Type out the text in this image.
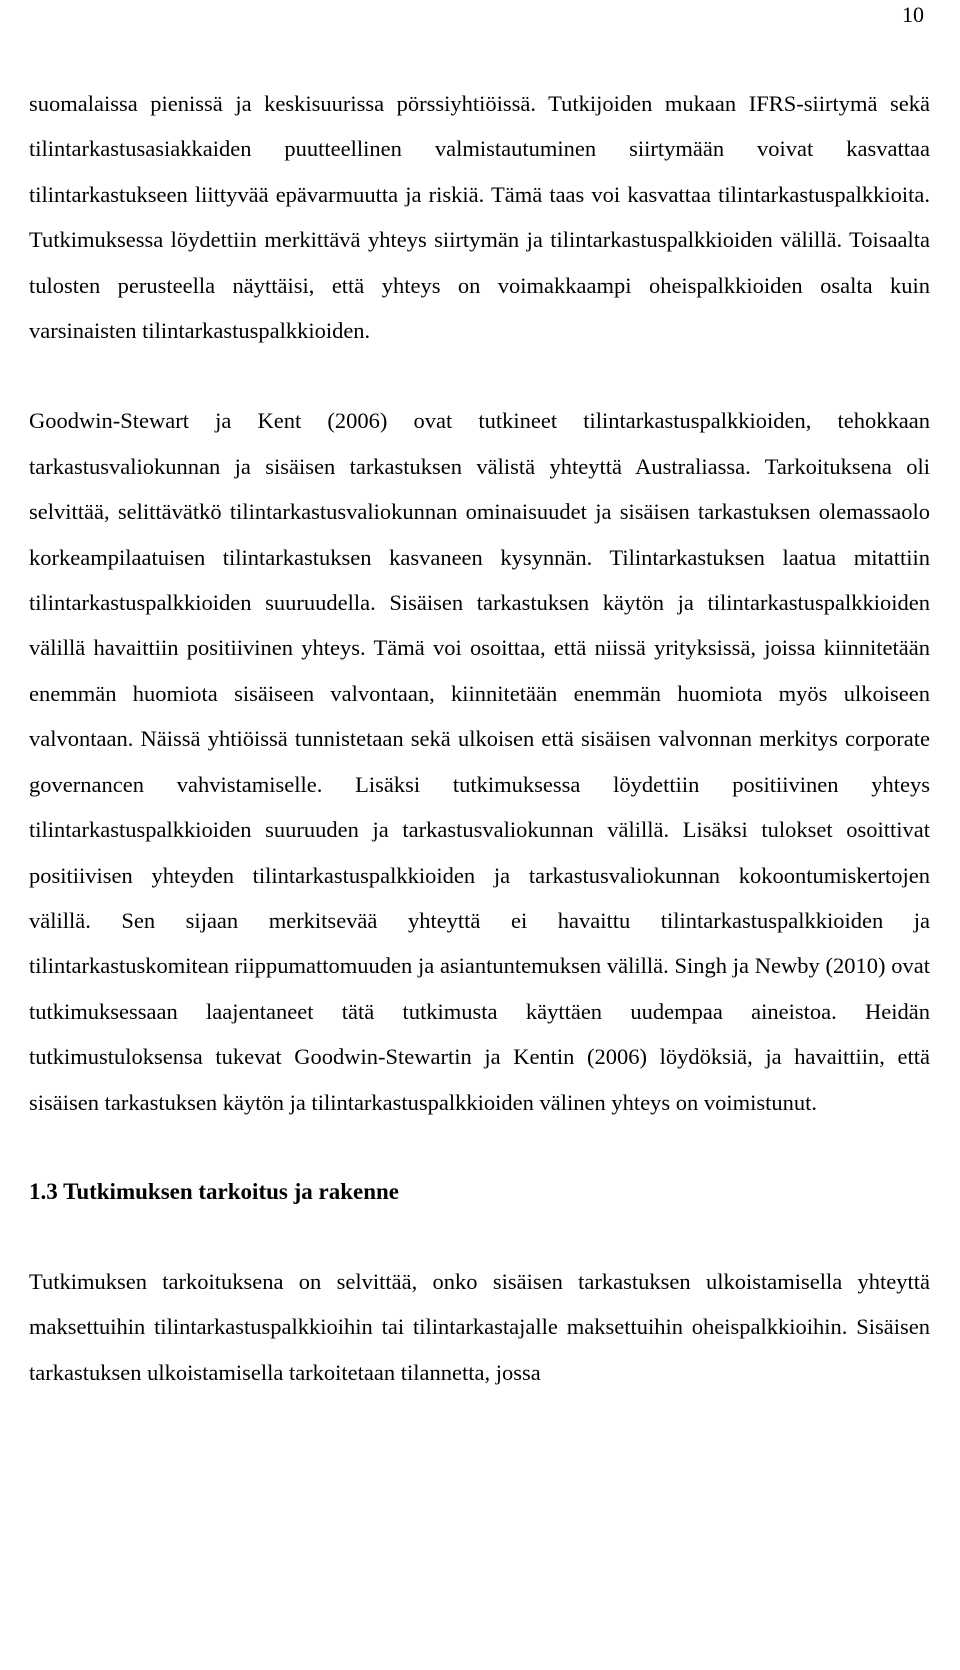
10

suomalaissa pienissä ja keskisuurissa pörssiyhtiöissä. Tutkijoiden mukaan IFRS-siirtymä sekä tilintarkastusasiakkaiden puutteellinen valmistautuminen siirtymään voivat kasvattaa tilintarkastukseen liittyvää epävarmuutta ja riskiä. Tämä taas voi kasvattaa tilintarkastuspalkkioita. Tutkimuksessa löydettiin merkittävä yhteys siirtymän ja tilintarkastuspalkkioiden välillä. Toisaalta tulosten perusteella näyttäisi, että yhteys on voimakkaampi oheispalkkioiden osalta kuin varsinaisten tilintarkastuspalkkioiden.

Goodwin-Stewart ja Kent (2006) ovat tutkineet tilintarkastuspalkkioiden, tehokkaan tarkastusvaliokunnan ja sisäisen tarkastuksen välistä yhteyttä Australiassa. Tarkoituksena oli selvittää, selittävätkö tilintarkastusvaliokunnan ominaisuudet ja sisäisen tarkastuksen olemassaolo korkeampilaatuisen tilintarkastuksen kasvaneen kysynnän. Tilintarkastuksen laatua mitattiin tilintarkastuspalkkioiden suuruudella. Sisäisen tarkastuksen käytön ja tilintarkastuspalkkioiden välillä havaittiin positiivinen yhteys. Tämä voi osoittaa, että niissä yrityksissä, joissa kiinnitetään enemmän huomiota sisäiseen valvontaan, kiinnitetään enemmän huomiota myös ulkoiseen valvontaan. Näissä yhtiöissä tunnistetaan sekä ulkoisen että sisäisen valvonnan merkitys corporate governancen vahvistamiselle. Lisäksi tutkimuksessa löydettiin positiivinen yhteys tilintarkastuspalkkioiden suuruuden ja tarkastusvaliokunnan välillä. Lisäksi tulokset osoittivat positiivisen yhteyden tilintarkastuspalkkioiden ja tarkastusvaliokunnan kokoontumiskertojen välillä. Sen sijaan merkitsevää yhteyttä ei havaittu tilintarkastuspalkkioiden ja tilintarkastuskomitean riippumattomuuden ja asiantuntemuksen välillä. Singh ja Newby (2010) ovat tutkimuksessaan laajentaneet tätä tutkimusta käyttäen uudempaa aineistoa. Heidän tutkimustuloksensa tukevat Goodwin-Stewartin ja Kentin (2006) löydöksiä, ja havaittiin, että sisäisen tarkastuksen käytön ja tilintarkastuspalkkioiden välinen yhteys on voimistunut.

1.3 Tutkimuksen tarkoitus ja rakenne

Tutkimuksen tarkoituksena on selvittää, onko sisäisen tarkastuksen ulkoistamisella yhteyttä maksettuihin tilintarkastuspalkkioihin tai tilintarkastajalle maksettuihin oheispalkkioihin. Sisäisen tarkastuksen ulkoistamisella tarkoitetaan tilannetta, jossa
